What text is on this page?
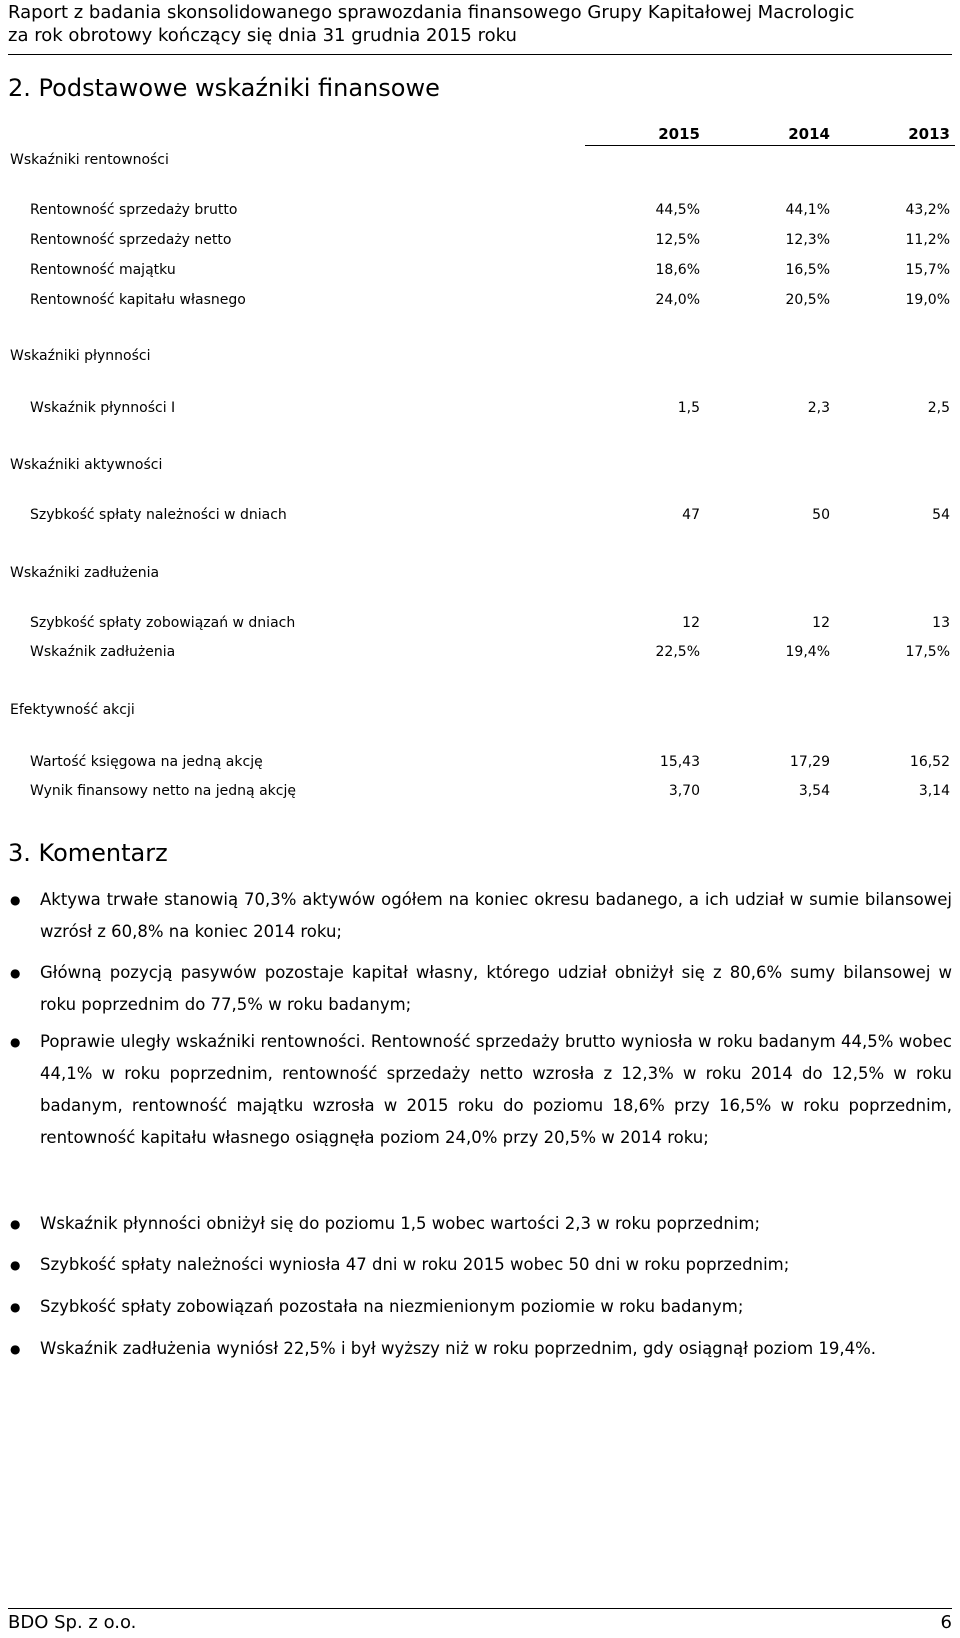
Raport z badania skonsolidowanego sprawozdania finansowego Grupy Kapitałowej Macrologic
za rok obrotowy kończący się dnia 31 grudnia 2015 roku
2. Podstawowe wskaźniki finansowe
2015	2014	2013
Wskaźniki rentowności
Rentowność sprzedaży brutto	44,5%	44,1%	43,2%
Rentowność sprzedaży netto	12,5%	12,3%	11,2%
Rentowność majątku	18,6%	16,5%	15,7%
Rentowność kapitału własnego	24,0%	20,5%	19,0%
Wskaźniki płynności
Wskaźnik płynności I	1,5	2,3	2,5
Wskaźniki aktywności
Szybkość spłaty należności w dniach	47	50	54
Wskaźniki zadłużenia
Szybkość spłaty zobowiązań w dniach	12	12	13
Wskaźnik zadłużenia	22,5%	19,4%	17,5%
Efektywność akcji
Wartość księgowa na jedną akcję	15,43	17,29	16,52
Wynik finansowy netto na jedną akcję	3,70	3,54	3,14
3. Komentarz
● Aktywa trwałe stanowią 70,3% aktywów ogółem na koniec okresu badanego, a ich udział w sumie bilansowej wzrósł z 60,8% na koniec 2014 roku;
● Główną pozycją pasywów pozostaje kapitał własny, którego udział obniżył się z 80,6% sumy bilansowej w roku poprzednim do 77,5% w roku badanym;
● Poprawie uległy wskaźniki rentowności. Rentowność sprzedaży brutto wyniosła w roku badanym 44,5% wobec 44,1% w roku poprzednim, rentowność sprzedaży netto wzrosła z 12,3% w roku 2014 do 12,5% w roku badanym, rentowność majątku wzrosła w 2015 roku do poziomu 18,6% przy 16,5% w roku poprzednim, rentowność kapitału własnego osiągnęła poziom 24,0% przy 20,5% w 2014 roku;
● Wskaźnik płynności obniżył się do poziomu 1,5 wobec wartości 2,3 w roku poprzednim;
● Szybkość spłaty należności wyniosła 47 dni w roku 2015 wobec 50 dni w roku poprzednim;
● Szybkość spłaty zobowiązań pozostała na niezmienionym poziomie w roku badanym;
● Wskaźnik zadłużenia wyniósł 22,5% i był wyższy niż w roku poprzednim, gdy osiągnął poziom 19,4%.
BDO Sp. z o.o.	6
